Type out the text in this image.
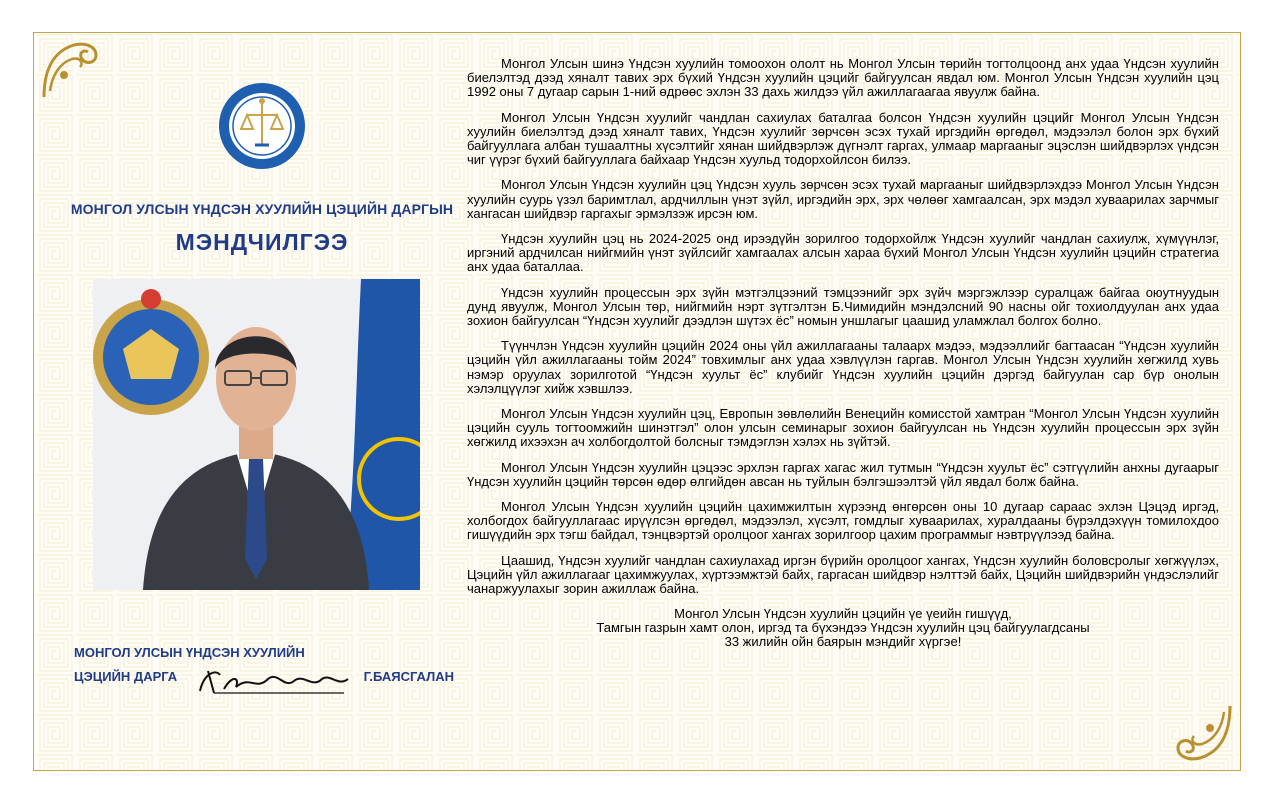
МОНГОЛ УЛСЫН ҮНДСЭН ХУУЛИЙН ЦЭЦИЙН ДАРГЫН
МЭНДЧИЛГЭЭ
МОНГОЛ УЛСЫН ҮНДСЭН ХУУЛИЙН
ЦЭЦИЙН ДАРГА	Г.БАЯСГАЛАН

Монгол Улсын шинэ Үндсэн хуулийн томоохон ололт нь Монгол Улсын төрийн тогтолцоонд анх удаа Үндсэн хуулийн биелэлтэд дээд хяналт тавих эрх бүхий Үндсэн хуулийн цэцийг байгуулсан явдал юм. Монгол Улсын Үндсэн хуулийн цэц 1992 оны 7 дугаар сарын 1-ний өдрөөс эхлэн 33 дахь жилдээ үйл ажиллагаагаа явуулж байна.

Монгол Улсын Үндсэн хуулийг чандлан сахиулах баталгаа болсон Үндсэн хуулийн цэцийг Монгол Улсын Үндсэн хуулийн биелэлтэд дээд хяналт тавих, Үндсэн хуулийг зөрчсөн эсэх тухай иргэдийн өргөдөл, мэдээлэл болон эрх бүхий байгууллага албан тушаалтны хүсэлтийг хянан шийдвэрлэж дүгнэлт гаргах, улмаар маргааныг эцэслэн шийдвэрлэх үндсэн чиг үүрэг бүхий байгууллага байхаар Үндсэн хуульд тодорхойлсон билээ.

Монгол Улсын Үндсэн хуулийн цэц Үндсэн хууль зөрчсөн эсэх тухай маргааныг шийдвэрлэхдээ Монгол Улсын Үндсэн хуулийн суурь үзэл баримтлал, ардчиллын үнэт зүйл, иргэдийн эрх, эрх чөлөөг хамгаалсан, эрх мэдэл хуваарилах зарчмыг хангасан шийдвэр гаргахыг эрмэлзэж ирсэн юм.

Үндсэн хуулийн цэц нь 2024-2025 онд ирээдүйн зорилгоо тодорхойлж Үндсэн хуулийг чандлан сахиулж, хүмүүнлэг, иргэний ардчилсан нийгмийн үнэт зүйлсийг хамгаалах алсын хараа бүхий Монгол Улсын Үндсэн хуулийн цэцийн стратегиа анх удаа баталлаа.

Үндсэн хуулийн процессын эрх зүйн мэтгэлцээний тэмцээнийг эрх зүйч мэргэжлээр суралцаж байгаа оюутнуудын дунд явуулж, Монгол Улсын төр, нийгмийн нэрт зүтгэлтэн Б.Чимидийн мэндэлсний 90 насны ойг тохиолдуулан анх удаа зохион байгуулсан “Үндсэн хуулийг дээдлэн шүтэх ёс” номын уншлагыг цаашид уламжлал болгох болно.

Түүнчлэн Үндсэн хуулийн цэцийн 2024 оны үйл ажиллагааны талаарх мэдээ, мэдээллийг багтаасан “Үндсэн хуулийн цэцийн үйл ажиллагааны тойм 2024” товхимлыг анх удаа хэвлүүлэн гаргав. Монгол Улсын Үндсэн хуулийн хөгжилд хувь нэмэр оруулах зорилготой “Үндсэн хуульт ёс” клубийг Үндсэн хуулийн цэцийн дэргэд байгуулан сар бүр онолын хэлэлцүүлэг хийж хэвшлээ.

Монгол Улсын Үндсэн хуулийн цэц, Европын зөвлөлийн Венецийн комисстой хамтран “Монгол Улсын Үндсэн хуулийн цэцийн сууль тогтоомжийн шинэтгэл” олон улсын семинарыг зохион байгуулсан нь Үндсэн хуулийн процессын эрх зүйн хөгжилд ихээхэн ач холбогдолтой болсныг тэмдэглэн хэлэх нь зүйтэй.

Монгол Улсын Үндсэн хуулийн цэцээс эрхлэн гаргах хагас жил тутмын “Үндсэн хуульт ёс” сэтгүүлийн анхны дугаарыг Үндсэн хуулийн цэцийн төрсөн өдөр өлгийдөн авсан нь туйлын бэлгэшээлтэй үйл явдал болж байна.

Монгол Улсын Үндсэн хуулийн цэцийн цахимжилтын хүрээнд өнгөрсөн оны 10 дугаар сараас эхлэн Цэцэд иргэд, холбогдох байгууллагаас ирүүлсэн өргөдөл, мэдээлэл, хүсэлт, гомдлыг хуваарилах, хуралдааны бүрэлдэхүүн томилохдоо гишүүдийн эрх тэгш байдал, тэнцвэртэй оролцоог хангах зорилгоор цахим программыг нэвтрүүлээд байна.

Цаашид, Үндсэн хуулийг чандлан сахиулахад иргэн бүрийн оролцоог хангах, Үндсэн хуулийн боловсролыг хөгжүүлэх, Цэцийн үйл ажиллагааг цахимжуулах, хүртээмжтэй байх, гаргасан шийдвэр нэлттэй байх, Цэцийн шийдвэрийн үндэслэлийг чанаржуулахыг зорин ажиллаж байна.

Монгол Улсын Үндсэн хуулийн цэцийн үе үеийн гишүүд,
Тамгын газрын хамт олон, иргэд та бүхэндээ Үндсэн хуулийн цэц байгуулагдсаны
33 жилийн ойн баярын мэндийг хүргэе!
